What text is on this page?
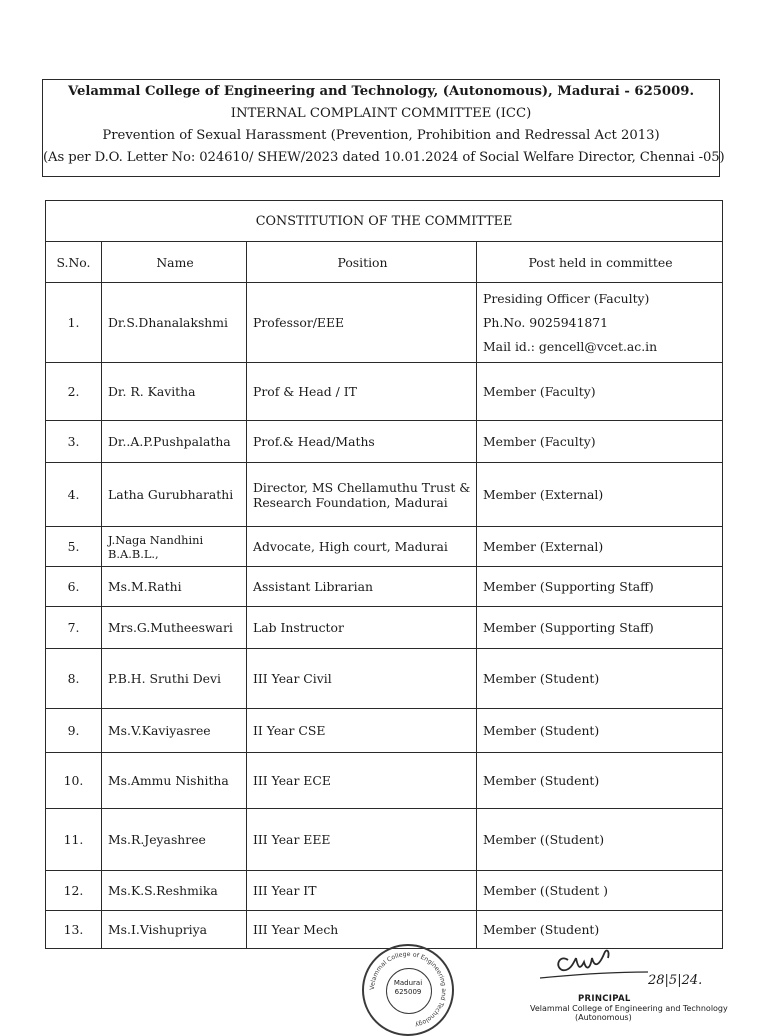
Velammal College of Engineering and Technology, (Autonomous), Madurai - 625009.
INTERNAL COMPLAINT COMMITTEE (ICC)
Prevention of Sexual Harassment (Prevention, Prohibition and Redressal Act 2013)
(As per D.O. Letter No: 024610/ SHEW/2023 dated 10.01.2024 of Social Welfare Director, Chennai -05)
CONSTITUTION OF THE COMMITTEE			
S.No.	Name	Position	Post held in committee
1.	Dr.S.Dhanalakshmi	Professor/EEE	Presiding Officer (Faculty)
Ph.No. 9025941871
Mail id.: gencell@vcet.ac.in

2.	Dr. R. Kavitha	Prof & Head / IT	Member (Faculty)
3.	Dr..A.P.Pushpalatha	Prof.& Head/Maths	Member (Faculty)
4.	Latha Gurubharathi	Director, MS Chellamuthu Trust & Research Foundation, Madurai	Member (External)
5.	J.Naga Nandhini B.A.B.L.,	Advocate, High court, Madurai	Member (External)
6.	Ms.M.Rathi	Assistant Librarian	Member (Supporting Staff)
7.	Mrs.G.Mutheeswari	Lab Instructor	Member (Supporting Staff)
8.	P.B.H. Sruthi Devi	III Year Civil	Member (Student)
9.	Ms.V.Kaviyasree	II Year CSE	Member (Student)
10.	Ms.Ammu Nishitha	III Year ECE	Member (Student)
11.	Ms.R.Jeyashree	III Year EEE	Member ((Student)
12.	Ms.K.S.Reshmika	III Year IT	Member ((Student )
13.	Ms.I.Vishupriya	III Year Mech	Member (Student)
Velammal College of Engineering and Technology
Madurai 625009
28|5|24.
PRINCIPAL
Velammal College of Engineering and Technology
(Autonomous)
